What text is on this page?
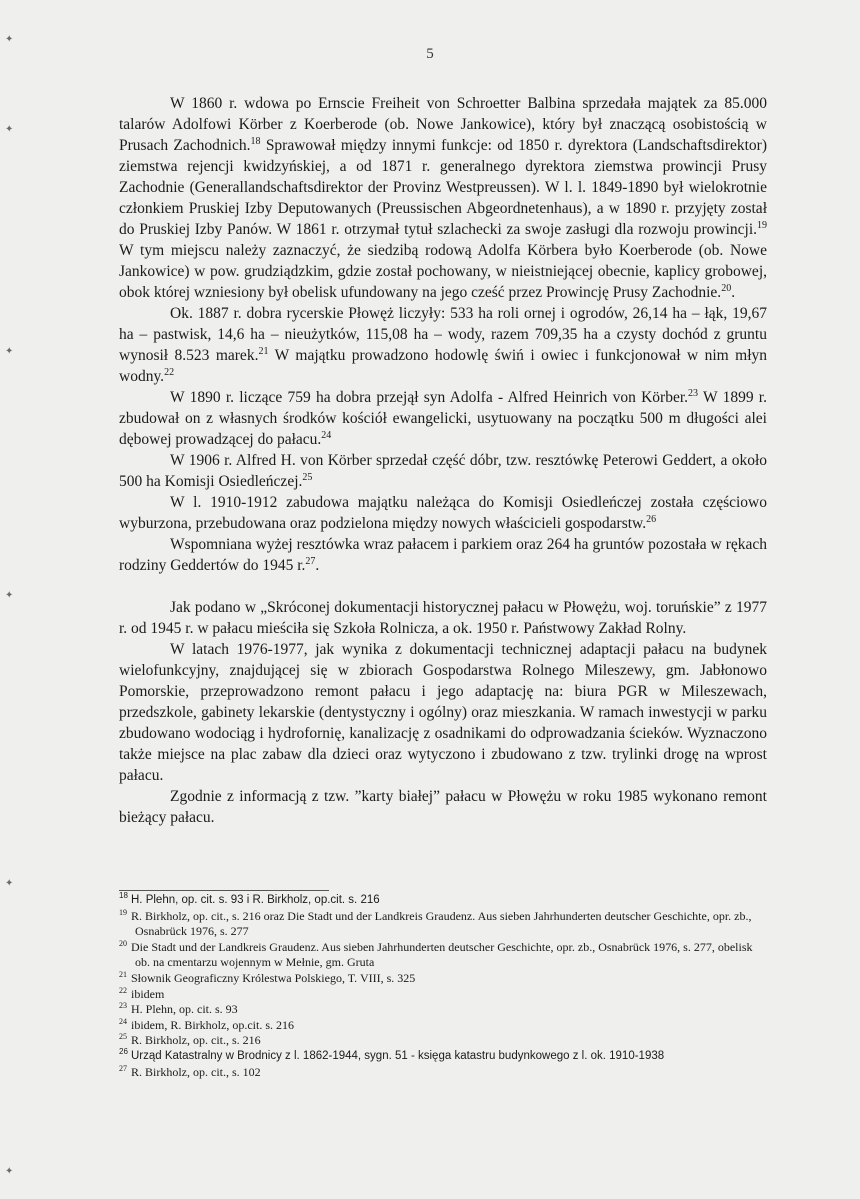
5
✦
✦
✦
✦
✦
✦

W 1860 r. wdowa po Ernscie Freiheit von Schroetter Balbina sprzedała majątek za 85.000 talarów Adolfowi Körber z Koerberode (ob. Nowe Jankowice), który był znaczącą osobistością w Prusach Zachodnich.$^{18}$ Sprawował między innymi funkcje: od 1850 r. dyrektora (Landschaftsdirektor) ziemstwa rejencji kwidzyńskiej, a od 1871 r. generalnego dyrektora ziemstwa prowincji Prusy Zachodnie (Generallandschaftsdirektor der Provinz Westpreussen). W l. l. 1849-1890 był wielokrotnie członkiem Pruskiej Izby Deputowanych (Preussischen Abgeordnetenhaus), a w 1890 r. przyjęty został do Pruskiej Izby Panów. W 1861 r. otrzymał tytuł szlachecki za swoje zasługi dla rozwoju prowincji.$^{19}$ W tym miejscu należy zaznaczyć, że siedzibą rodową Adolfa Körbera było Koerberode (ob. Nowe Jankowice) w pow. grudziądzkim, gdzie został pochowany, w nieistniejącej obecnie, kaplicy grobowej, obok której wzniesiony był obelisk ufundowany na jego cześć przez Prowincję Prusy Zachodnie.$^{20}$.

Ok. 1887 r. dobra rycerskie Płowęż liczyły: 533 ha roli ornej i ogrodów, 26,14 ha – łąk, 19,67 ha – pastwisk, 14,6 ha – nieużytków, 115,08 ha – wody, razem 709,35 ha a czysty dochód z gruntu wynosił 8.523 marek.$^{21}$ W majątku prowadzono hodowlę świń i owiec i funkcjonował w nim młyn wodny.$^{22}$

W 1890 r. liczące 759 ha dobra przejął syn Adolfa - Alfred Heinrich von Körber.$^{23}$ W 1899 r. zbudował on z własnych środków kościół ewangelicki, usytuowany na początku 500 m długości alei dębowej prowadzącej do pałacu.$^{24}$

W 1906 r. Alfred H. von Körber sprzedał część dóbr, tzw. resztówkę Peterowi Geddert, a około 500 ha Komisji Osiedleńczej.$^{25}$

W l. 1910-1912 zabudowa majątku należąca do Komisji Osiedleńczej została częściowo wyburzona, przebudowana oraz podzielona między nowych właścicieli gospodarstw.$^{26}$

Wspomniana wyżej resztówka wraz pałacem i parkiem oraz 264 ha gruntów pozostała w rękach rodziny Geddertów do 1945 r.$^{27}$.

Jak podano w „Skróconej dokumentacji historycznej pałacu w Płowężu, woj. toruńskie” z 1977 r. od 1945 r. w pałacu mieściła się Szkoła Rolnicza, a ok. 1950 r. Państwowy Zakład Rolny.

W latach 1976-1977, jak wynika z dokumentacji technicznej adaptacji pałacu na budynek wielofunkcyjny, znajdującej się w zbiorach Gospodarstwa Rolnego Mileszewy, gm. Jabłonowo Pomorskie, przeprowadzono remont pałacu i jego adaptację na: biura PGR w Mileszewach, przedszkole, gabinety lekarskie (dentystyczny i ogólny) oraz mieszkania. W ramach inwestycji w parku zbudowano wodociąg i hydrofornię, kanalizację z osadnikami do odprowadzania ścieków. Wyznaczono także miejsce na plac zabaw dla dzieci oraz wytyczono i zbudowano z tzw. trylinki drogę na wprost pałacu.

Zgodnie z informacją z tzw. ”karty białej” pałacu w Płowężu w roku 1985 wykonano remont bieżący pałacu.

18 H. Plehn, op. cit. s. 93 i R. Birkholz, op.cit. s. 216
19 R. Birkholz, op. cit., s. 216 oraz Die Stadt und der Landkreis Graudenz. Aus sieben Jahrhunderten deutscher Geschichte, opr. zb., Osnabrück 1976, s. 277
20 Die Stadt und der Landkreis Graudenz. Aus sieben Jahrhunderten deutscher Geschichte, opr. zb., Osnabrück 1976, s. 277, obelisk ob. na cmentarzu wojennym w Mełnie, gm. Gruta
21 Słownik Geograficzny Królestwa Polskiego, T. VIII, s. 325
22 ibidem
23 H. Plehn, op. cit. s. 93
24 ibidem, R. Birkholz, op.cit. s. 216
25 R. Birkholz, op. cit., s. 216
26 Urząd Katastralny w Brodnicy z l. 1862-1944, sygn. 51 - księga katastru budynkowego z l. ok. 1910-1938
27 R. Birkholz, op. cit., s. 102
